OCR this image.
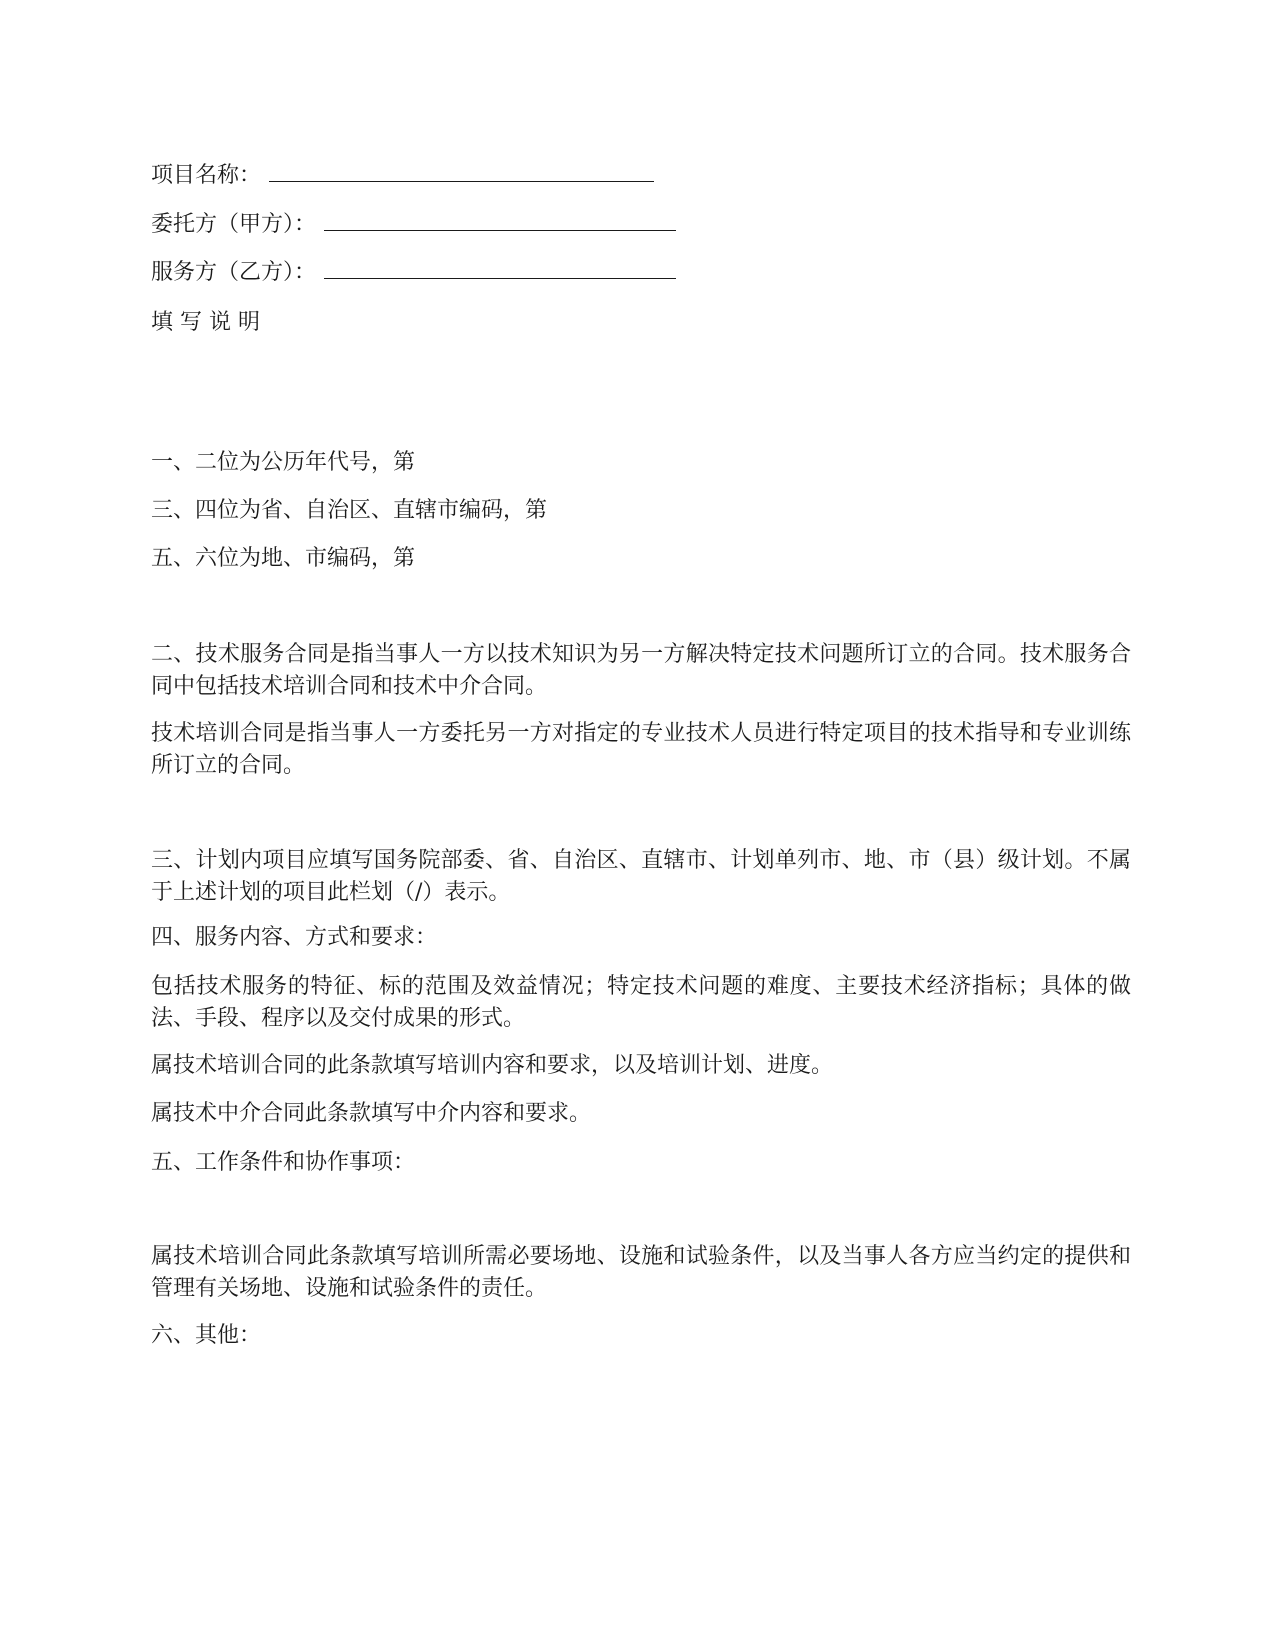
项目名称：
委托方（甲方）：
服务方（乙方）：
填 写 说 明
一、二位为公历年代号，第
三、四位为省、自治区、直辖市编码，第
五、六位为地、市编码，第
二、技术服务合同是指当事人一方以技术知识为另一方解决特定技术问题所订立的合同。技术服务合同中包括技术培训合同和技术中介合同。
技术培训合同是指当事人一方委托另一方对指定的专业技术人员进行特定项目的技术指导和专业训练所订立的合同。
三、计划内项目应填写国务院部委、省、自治区、直辖市、计划单列市、地、市（县）级计划。不属于上述计划的项目此栏划（/）表示。
四、服务内容、方式和要求：
包括技术服务的特征、标的范围及效益情况；特定技术问题的难度、主要技术经济指标；具体的做法、手段、程序以及交付成果的形式。
属技术培训合同的此条款填写培训内容和要求，以及培训计划、进度。
属技术中介合同此条款填写中介内容和要求。
五、工作条件和协作事项：
属技术培训合同此条款填写培训所需必要场地、设施和试验条件，以及当事人各方应当约定的提供和管理有关场地、设施和试验条件的责任。
六、其他：
